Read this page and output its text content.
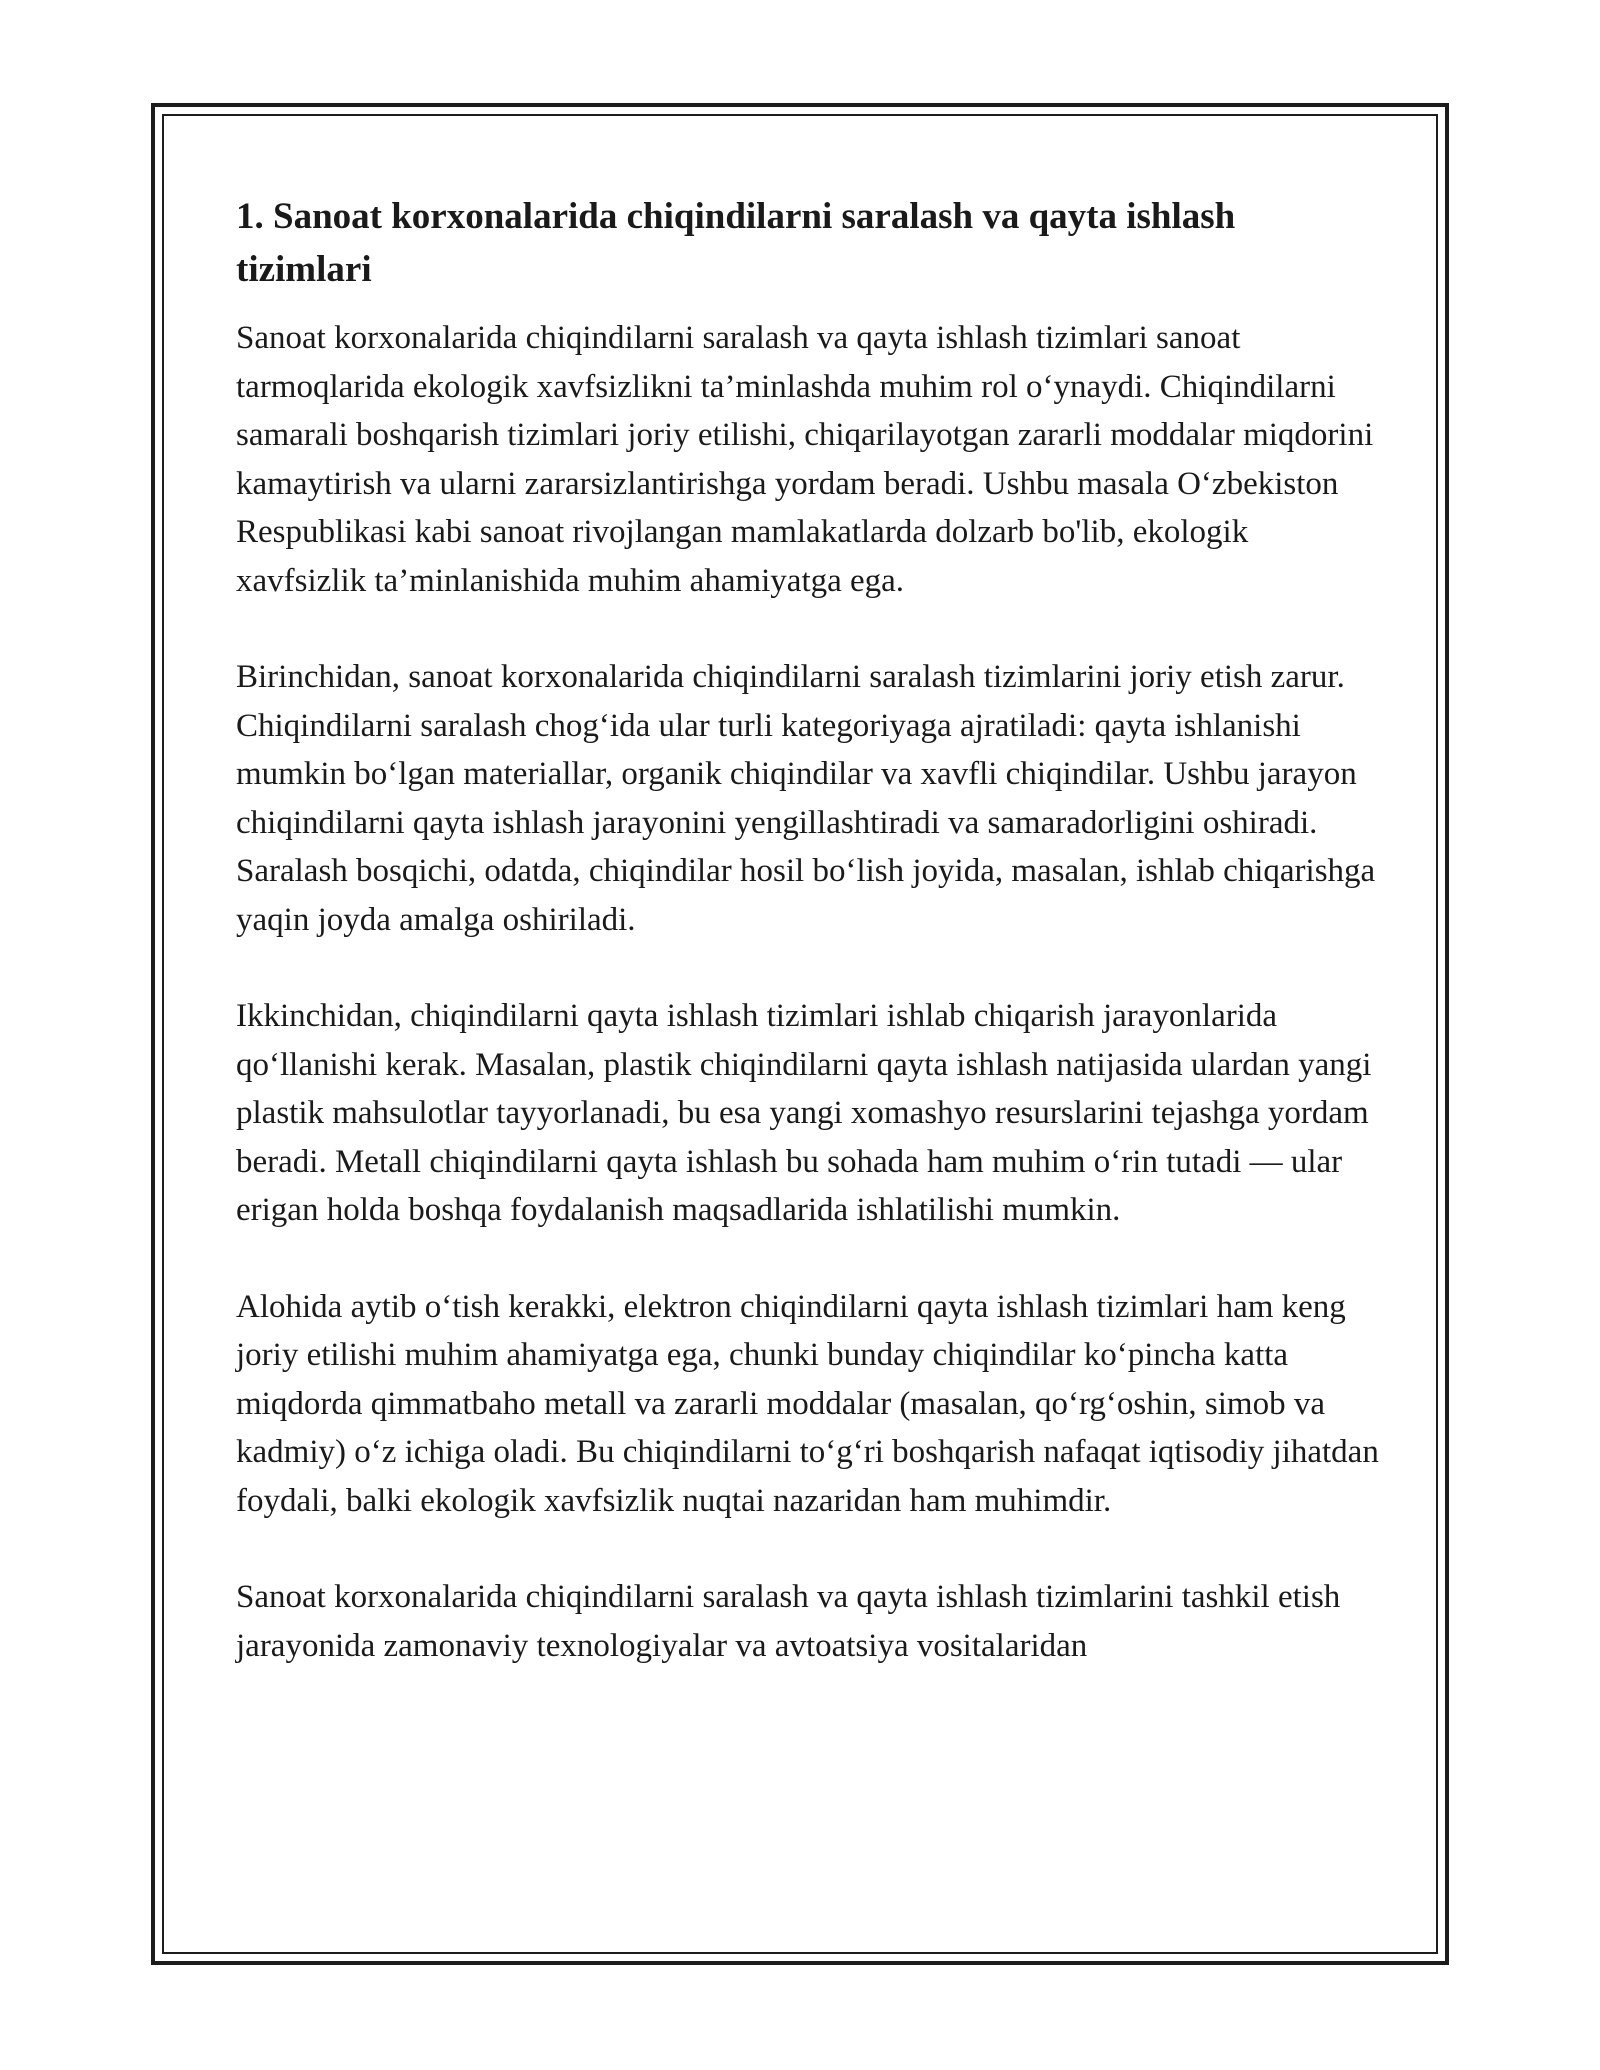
1. Sanoat korxonalarida chiqindilarni saralash va qayta ishlash tizimlari

Sanoat korxonalarida chiqindilarni saralash va qayta ishlash tizimlari sanoat tarmoqlarida ekologik xavfsizlikni ta’minlashda muhim rol o‘ynaydi. Chiqindilarni samarali boshqarish tizimlari joriy etilishi, chiqarilayotgan zararli moddalar miqdorini kamaytirish va ularni zararsizlantirishga yordam beradi. Ushbu masala O‘zbekiston Respublikasi kabi sanoat rivojlangan mamlakatlarda dolzarb bo'lib, ekologik xavfsizlik ta’minlanishida muhim ahamiyatga ega.

Birinchidan, sanoat korxonalarida chiqindilarni saralash tizimlarini joriy etish zarur. Chiqindilarni saralash chog‘ida ular turli kategoriyaga ajratiladi: qayta ishlanishi mumkin bo‘lgan materiallar, organik chiqindilar va xavfli chiqindilar. Ushbu jarayon chiqindilarni qayta ishlash jarayonini yengillashtiradi va samaradorligini oshiradi. Saralash bosqichi, odatda, chiqindilar hosil bo‘lish joyida, masalan, ishlab chiqarishga yaqin joyda amalga oshiriladi.

Ikkinchidan, chiqindilarni qayta ishlash tizimlari ishlab chiqarish jarayonlarida qo‘llanishi kerak. Masalan, plastik chiqindilarni qayta ishlash natijasida ulardan yangi plastik mahsulotlar tayyorlanadi, bu esa yangi xomashyo resurslarini tejashga yordam beradi. Metall chiqindilarni qayta ishlash bu sohada ham muhim o‘rin tutadi — ular erigan holda boshqa foydalanish maqsadlarida ishlatilishi mumkin.

Alohida aytib o‘tish kerakki, elektron chiqindilarni qayta ishlash tizimlari ham keng joriy etilishi muhim ahamiyatga ega, chunki bunday chiqindilar ko‘pincha katta miqdorda qimmatbaho metall va zararli moddalar (masalan, qo‘rg‘oshin, simob va kadmiy) o‘z ichiga oladi. Bu chiqindilarni to‘g‘ri boshqarish nafaqat iqtisodiy jihatdan foydali, balki ekologik xavfsizlik nuqtai nazaridan ham muhimdir.

Sanoat korxonalarida chiqindilarni saralash va qayta ishlash tizimlarini tashkil etish jarayonida zamonaviy texnologiyalar va avtoatsiya vositalaridan
